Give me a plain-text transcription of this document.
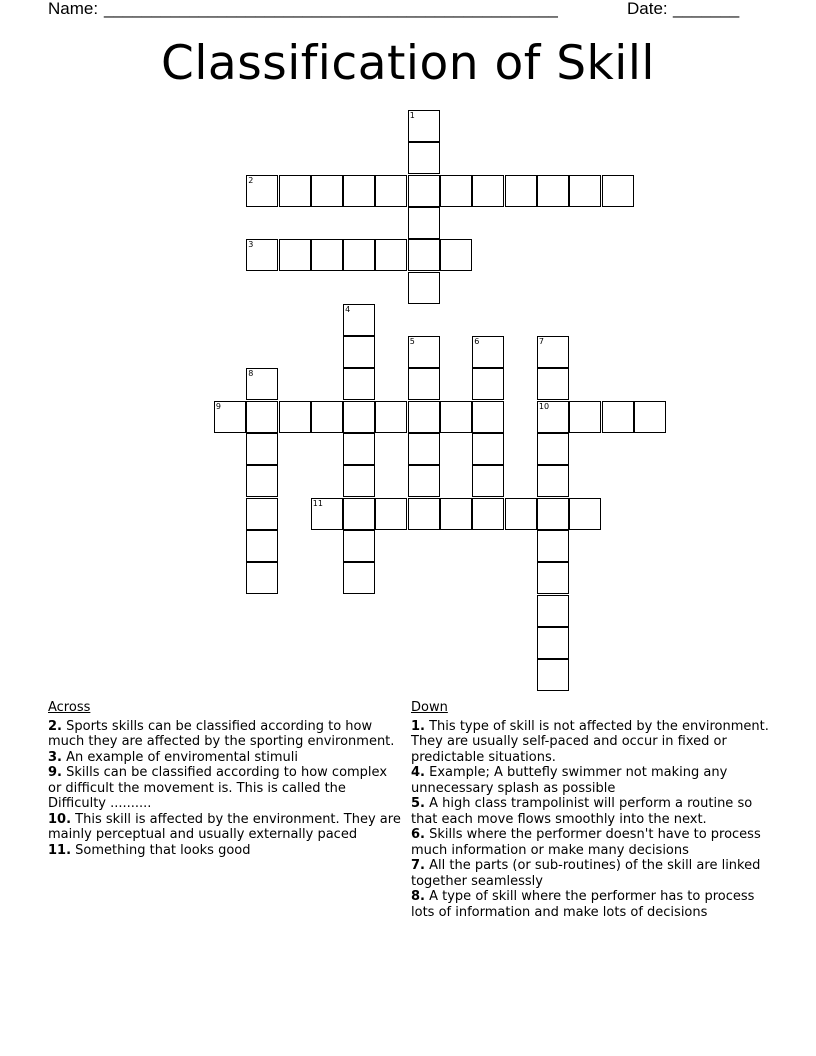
Name: ________________________________________________	Date: _______
Classification of Skill
1
2
3
4
5	6	7
8
9	10
11
Across
2. Sports skills can be classified according to how much they are affected by the sporting environment.
3. An example of enviromental stimuli
9. Skills can be classified according to how complex or difficult the movement is. This is called the Difficulty ..........
10. This skill is affected by the environment. They are mainly perceptual and usually externally paced
11. Something that looks good
Down
1. This type of skill is not affected by the environment. They are usually self-paced and occur in fixed or predictable situations.
4. Example; A buttefly swimmer not making any unnecessary splash as possible
5. A high class trampolinist will perform a routine so that each move flows smoothly into the next.
6. Skills where the performer doesn't have to process much information or make many decisions
7. All the parts (or sub-routines) of the skill are linked together seamlessly
8. A type of skill where the performer has to process lots of information and make lots of decisions
